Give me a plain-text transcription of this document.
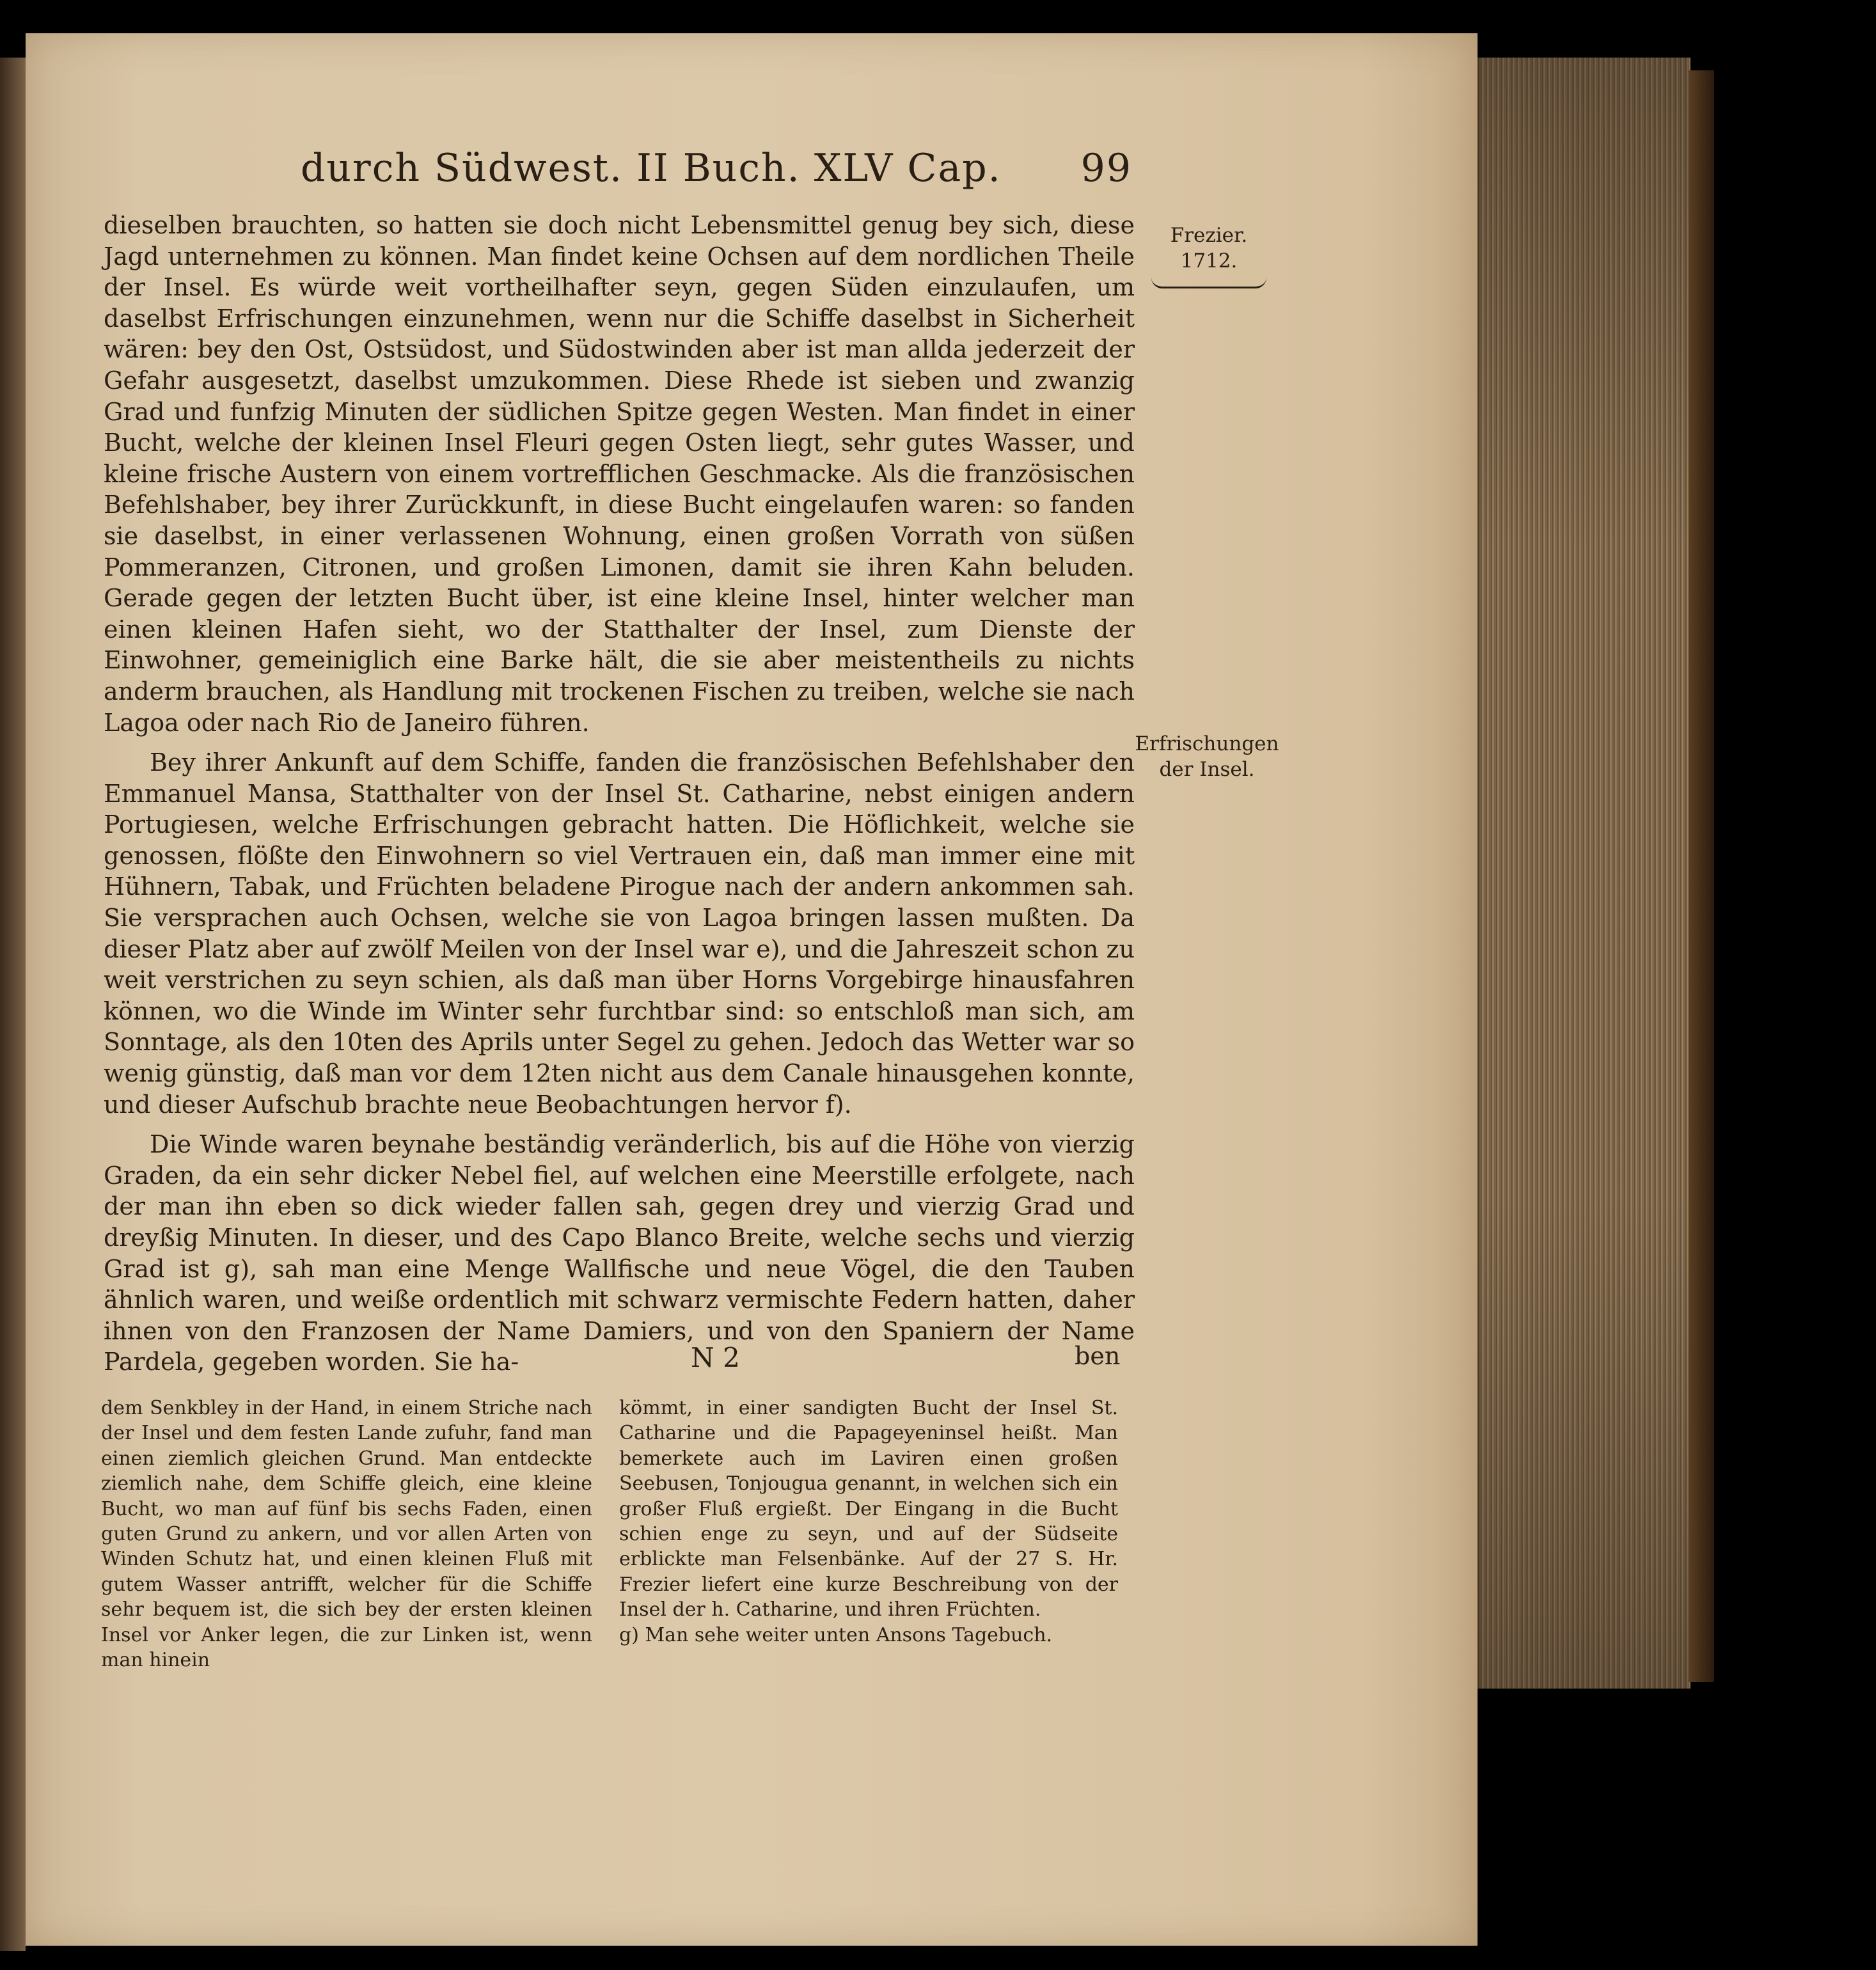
durch Südwest. II Buch. XLV Cap. 99
Frezier.
1712.
Erfrischungen der Insel.

dieselben brauchten, so hatten sie doch nicht Lebensmittel genug bey sich, diese Jagd unternehmen zu können. Man findet keine Ochsen auf dem nordlichen Theile der Insel. Es würde weit vortheilhafter seyn, gegen Süden einzulaufen, um daselbst Erfrischungen einzunehmen, wenn nur die Schiffe daselbst in Sicherheit wären: bey den Ost, Ostsüdost, und Südostwinden aber ist man allda jederzeit der Gefahr ausgesetzt, daselbst umzukommen. Diese Rhede ist sieben und zwanzig Grad und funfzig Minuten der südlichen Spitze gegen Westen. Man findet in einer Bucht, welche der kleinen Insel Fleuri gegen Osten liegt, sehr gutes Wasser, und kleine frische Austern von einem vortrefflichen Geschmacke. Als die französischen Befehlshaber, bey ihrer Zurückkunft, in diese Bucht eingelaufen waren: so fanden sie daselbst, in einer verlassenen Wohnung, einen großen Vorrath von süßen Pommeranzen, Citronen, und großen Limonen, damit sie ihren Kahn beluden. Gerade gegen der letzten Bucht über, ist eine kleine Insel, hinter welcher man einen kleinen Hafen sieht, wo der Statthalter der Insel, zum Dienste der Einwohner, gemeiniglich eine Barke hält, die sie aber meistentheils zu nichts anderm brauchen, als Handlung mit trockenen Fischen zu treiben, welche sie nach Lagoa oder nach Rio de Janeiro führen.

Bey ihrer Ankunft auf dem Schiffe, fanden die französischen Befehlshaber den Emmanuel Mansa, Statthalter von der Insel St. Catharine, nebst einigen andern Portugiesen, welche Erfrischungen gebracht hatten. Die Höflichkeit, welche sie genossen, flößte den Einwohnern so viel Vertrauen ein, daß man immer eine mit Hühnern, Tabak, und Früchten beladene Pirogue nach der andern ankommen sah. Sie versprachen auch Ochsen, welche sie von Lagoa bringen lassen mußten. Da dieser Platz aber auf zwölf Meilen von der Insel war e), und die Jahreszeit schon zu weit verstrichen zu seyn schien, als daß man über Horns Vorgebirge hinausfahren können, wo die Winde im Winter sehr furchtbar sind: so entschloß man sich, am Sonntage, als den 10ten des Aprils unter Segel zu gehen. Jedoch das Wetter war so wenig günstig, daß man vor dem 12ten nicht aus dem Canale hinausgehen konnte, und dieser Aufschub brachte neue Beobachtungen hervor f).

Die Winde waren beynahe beständig veränderlich, bis auf die Höhe von vierzig Graden, da ein sehr dicker Nebel fiel, auf welchen eine Meerstille erfolgete, nach der man ihn eben so dick wieder fallen sah, gegen drey und vierzig Grad und dreyßig Minuten. In dieser, und des Capo Blanco Breite, welche sechs und vierzig Grad ist g), sah man eine Menge Wallfische und neue Vögel, die den Tauben ähnlich waren, und weiße ordentlich mit schwarz vermischte Federn hatten, daher ihnen von den Franzosen der Name Damiers, und von den Spaniern der Name Pardela, gegeben worden. Sie ha-	N 2	ben

dem Senkbley in der Hand, in einem Striche nach der Insel und dem festen Lande zufuhr, fand man einen ziemlich gleichen Grund. Man entdeckte ziemlich nahe, dem Schiffe gleich, eine kleine Bucht, wo man auf fünf bis sechs Faden, einen guten Grund zu ankern, und vor allen Arten von Winden Schutz hat, und einen kleinen Fluß mit gutem Wasser antrifft, welcher für die Schiffe sehr bequem ist, die sich bey der ersten kleinen Insel vor Anker legen, die zur Linken ist, wenn man hinein

kömmt, in einer sandigten Bucht der Insel St. Catharine und die Papageyeninsel heißt. Man bemerkete auch im Laviren einen großen Seebusen, Tonjougua genannt, in welchen sich ein großer Fluß ergießt. Der Eingang in die Bucht schien enge zu seyn, und auf der Südseite erblickte man Felsenbänke. Auf der 27 S. Hr. Frezier liefert eine kurze Beschreibung von der Insel der h. Catharine, und ihren Früchten.

g) Man sehe weiter unten Ansons Tagebuch.
